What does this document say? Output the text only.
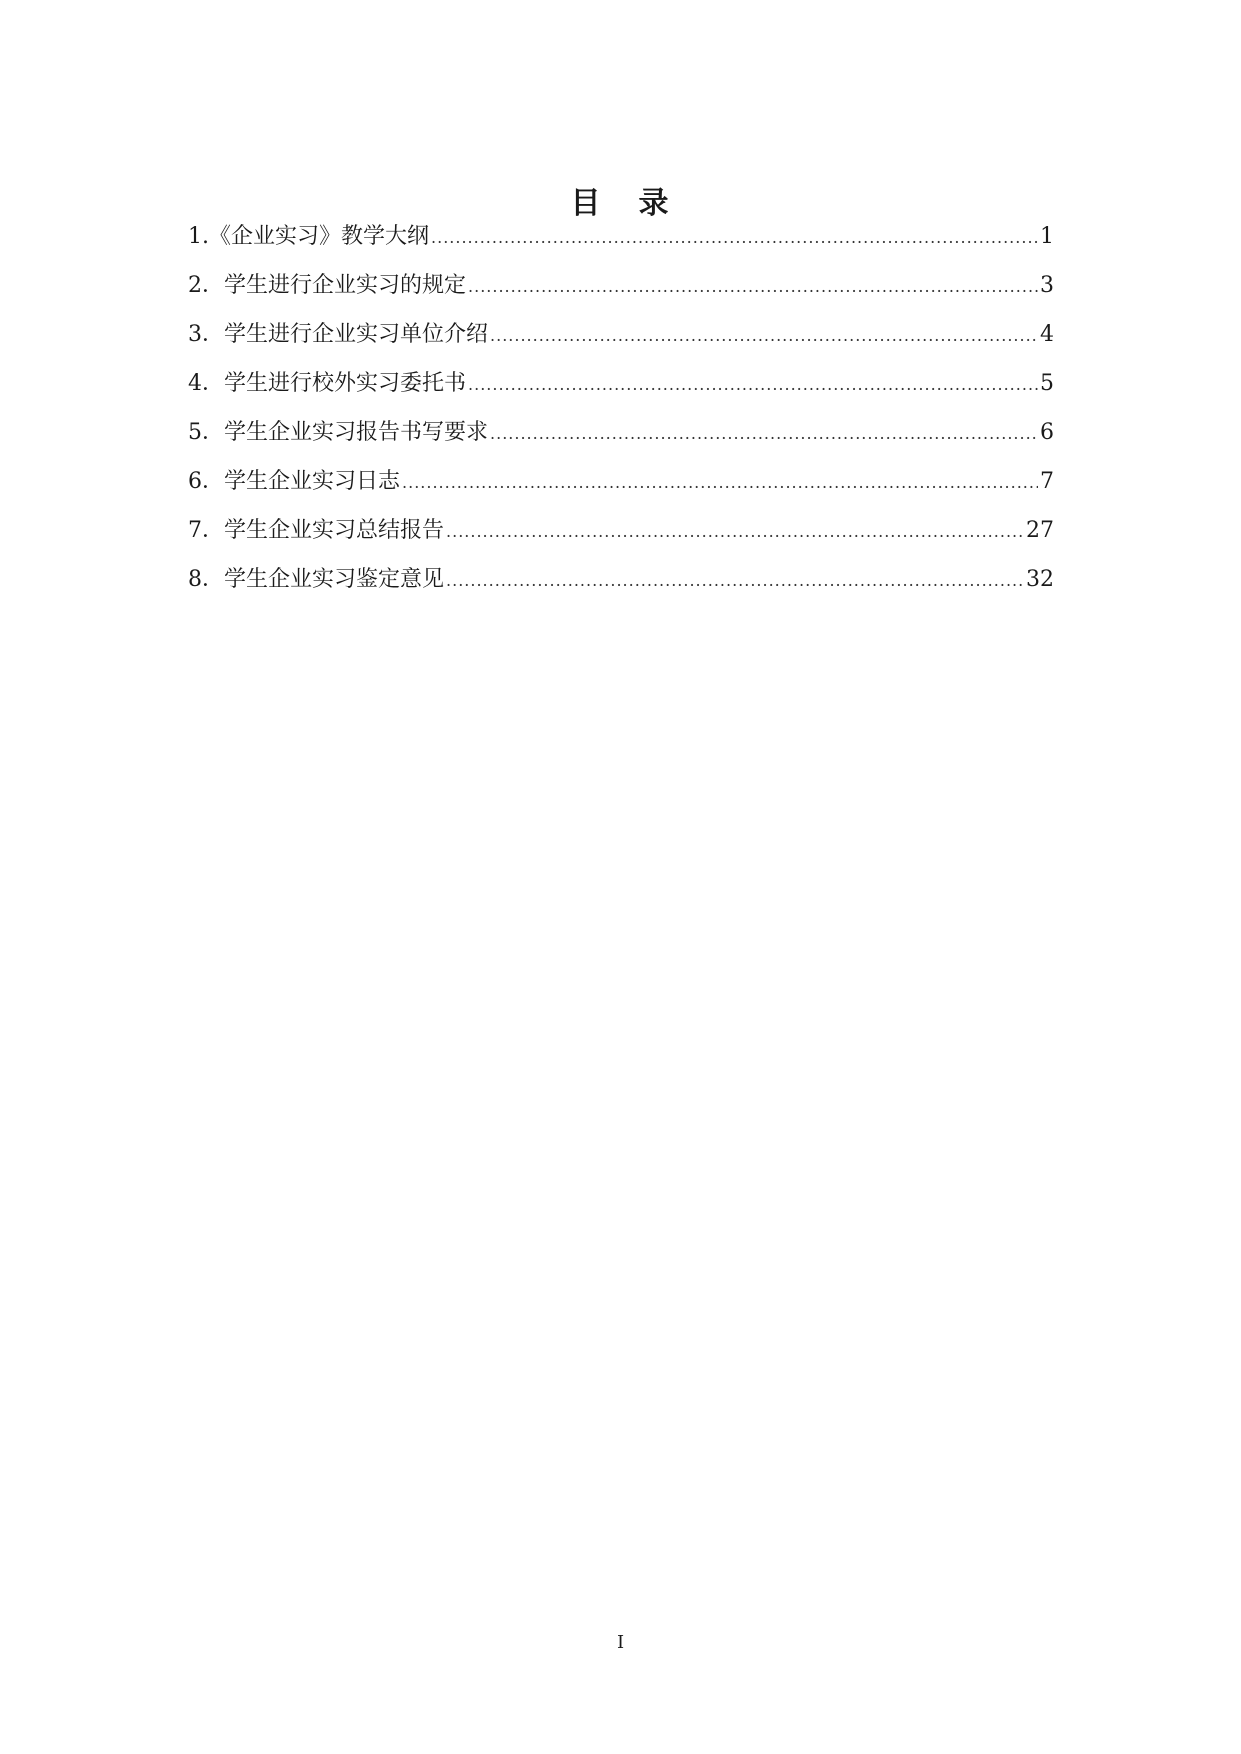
目 录
1 . 《企业实习》教学大纲 .....	1
2 ． 学生进行企业实习的规定 .....	3
3 ． 学生进行企业实习单位介绍 .....	4
4 ． 学生进行校外实习委托书 .....	5
5 ． 学生企业实习报告书写要求 .....	6
6 ． 学生企业实习日志 .....	7
7 ． 学生企业实习总结报告 .....	27
8 ． 学生企业实习鉴定意见 .....	32
I
